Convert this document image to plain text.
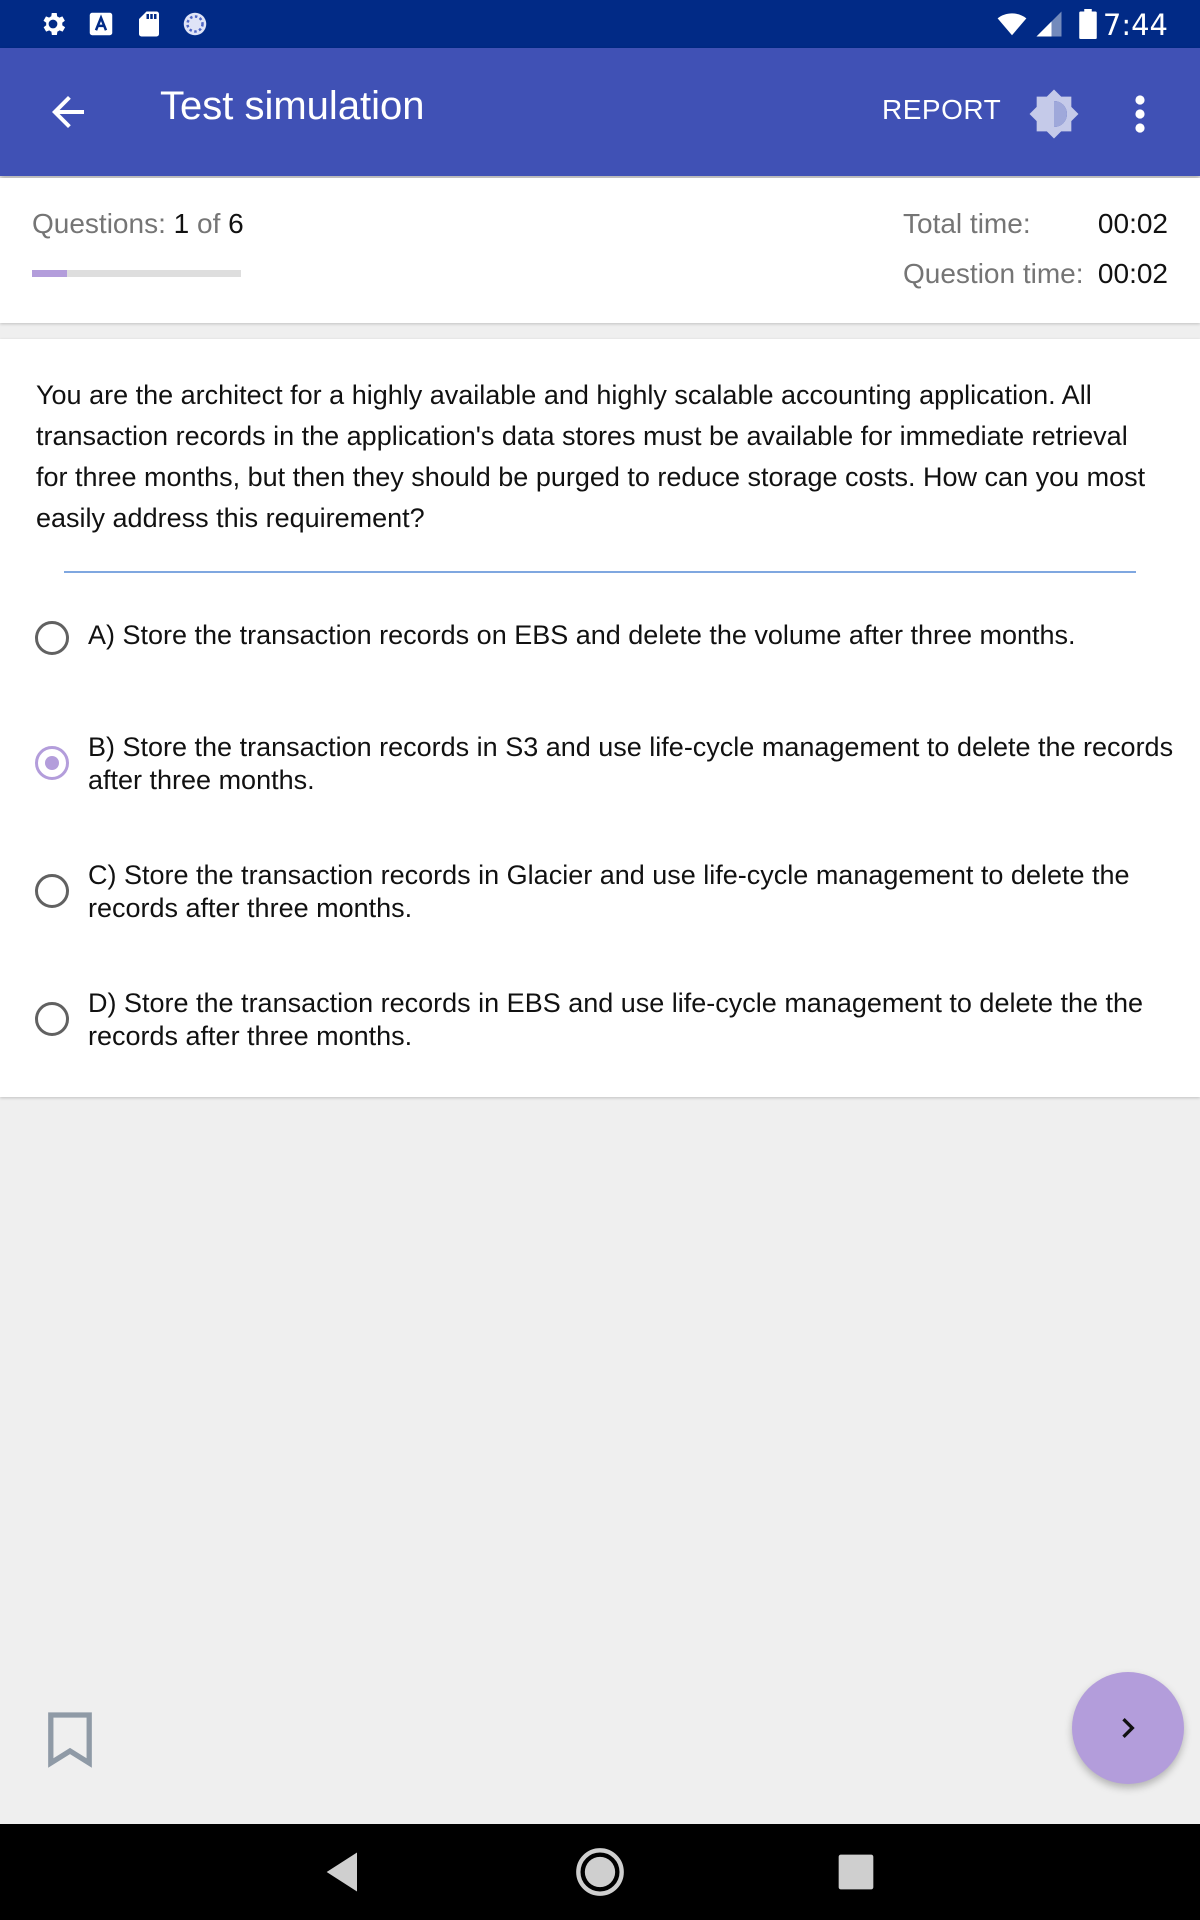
7:44
Test simulation	REPORT
Questions: 1 of 6	Total time: 00:02
Question time: 00:02
You are the architect for a highly available and highly scalable accounting application. All transaction records in the application's data stores must be available for immediate retrieval for three months, but then they should be purged to reduce storage costs. How can you most easily address this requirement?
A) Store the transaction records on EBS and delete the volume after three months.
B) Store the transaction records in S3 and use life-cycle management to delete the records after three months.
C) Store the transaction records in Glacier and use life-cycle management to delete the records after three months.
D) Store the transaction records in EBS and use life-cycle management to delete the the records after three months.
